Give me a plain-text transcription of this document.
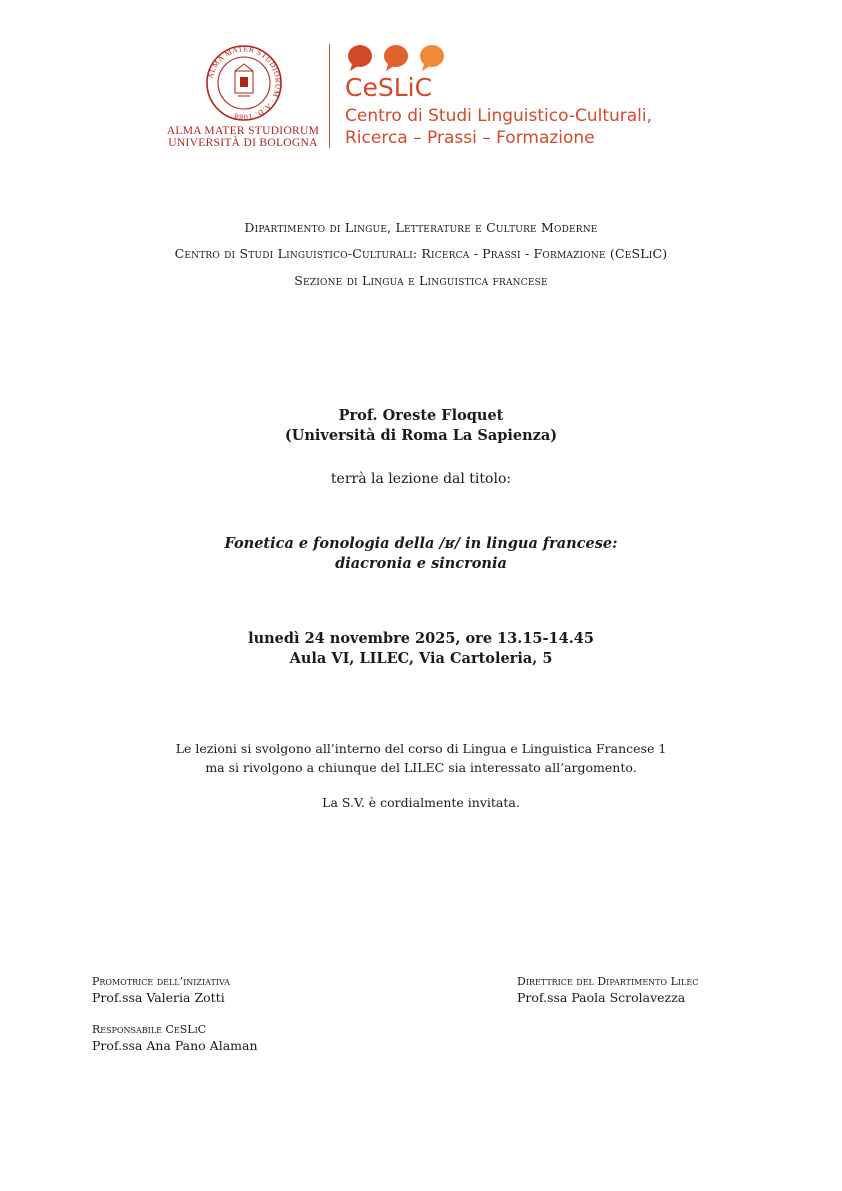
ALMA MATER STUDIORUM · A.D. 1088
ALMA MATER STUDIORUM
UNIVERSITÀ DI BOLOGNA
CeSLiC
Centro di Studi Linguistico-Culturali,
Ricerca – Prassi – Formazione
Dipartimento di Lingue, Letterature e Culture Moderne
Centro di Studi Linguistico-Culturali: Ricerca - Prassi - Formazione (CeSLiC)
Sezione di Lingua e Linguistica francese
Prof. Oreste Floquet
(Università di Roma La Sapienza)
terrà la lezione dal titolo:
Fonetica e fonologia della /ʁ/ in lingua francese:
diacronia e sincronia
lunedì 24 novembre 2025, ore 13.15-14.45
Aula VI, LILEC, Via Cartoleria, 5
Le lezioni si svolgono all’interno del corso di Lingua e Linguistica Francese 1
ma si rivolgono a chiunque del LILEC sia interessato all’argomento.
La S.V. è cordialmente invitata.
Promotrice dell’iniziativa
Prof.ssa Valeria Zotti
Direttrice del Dipartimento Lilec
Prof.ssa Paola Scrolavezza
Responsabile CeSLiC
Prof.ssa Ana Pano Alaman
